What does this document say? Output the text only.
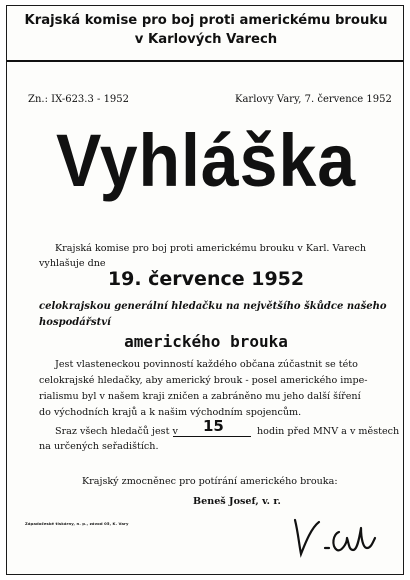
Krajská komise pro boj proti americkému brouku
v Karlových Varech
Zn.: IX-623.3 - 1952	Karlovy Vary, 7. července 1952
Vyhláška
Krajská komise pro boj proti americkému brouku v Karl. Varech
vyhlašuje dne
19. července 1952
celokrajskou generální hledačku na největšího škůdce našeho
hospodářství
amerického brouka
Jest vlasteneckou povinností každého občana zúčastnit se této
celokrajské hledačky, aby americký brouk - posel amerického impe-
rialismu byl v našem kraji zničen a zabráněno mu jeho další šíření
do východních krajů a k našim východním spojencům.
Sraz všech hledačů jest v 15	hodin před MNV a v městech
na určených seřadištích.
Krajský zmocněnec pro potírání amerického brouka:
Beneš Josef, v. r.
Západočeské tiskárny, n. p., závod 05, K. Vary
